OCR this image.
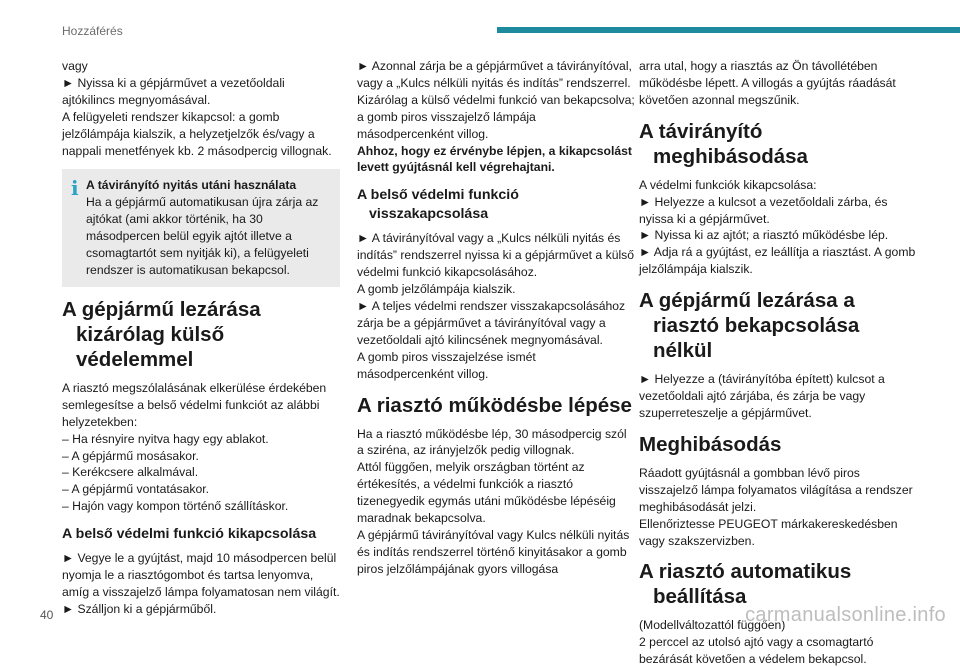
Hozzáférés

vagy

► Nyissa ki a gépjárművet a vezetőoldali ajtókilincs megnyomásával.

A felügyeleti rendszer kikapcsol: a gomb jelzőlámpája kialszik, a helyzetjelzők és/vagy a nappali menetfények kb. 2 másodpercig villognak.

i A távirányító nyitás utáni használata

Ha a gépjármű automatikusan újra zárja az ajtókat (ami akkor történik, ha 30 másodpercen belül egyik ajtót illetve a csomagtartót sem nyitják ki), a felügyeleti rendszer is automatikusan bekapcsol.

A gépjármű lezárása kizárólag külső védelemmel

A riasztó megszólalásának elkerülése érdekében semlegesítse a belső védelmi funkciót az alábbi helyzetekben:

– Ha résnyire nyitva hagy egy ablakot.

– A gépjármű mosásakor.

– Kerékcsere alkalmával.

– A gépjármű vontatásakor.

– Hajón vagy kompon történő szállításkor.

A belső védelmi funkció kikapcsolása

► Vegye le a gyújtást, majd 10 másodpercen belül nyomja le a riasztógombot és tartsa lenyomva, amíg a visszajelző lámpa folyamatosan nem világít.

► Szálljon ki a gépjárműből.

► Azonnal zárja be a gépjárművet a távirányítóval, vagy a „Kulcs nélküli nyitás és indítás” rendszerrel.

Kizárólag a külső védelmi funkció van bekapcsolva; a gomb piros visszajelző lámpája másodpercenként villog.

Ahhoz, hogy ez érvénybe lépjen, a kikapcsolást levett gyújtásnál kell végrehajtani.

A belső védelmi funkció visszakapcsolása

► A távirányítóval vagy a „Kulcs nélküli nyitás és indítás” rendszerrel nyissa ki a gépjárművet a külső védelmi funkció kikapcsolásához.

A gomb jelzőlámpája kialszik.

► A teljes védelmi rendszer visszakapcsolásához zárja be a gépjárművet a távirányítóval vagy a vezetőoldali ajtó kilincsének megnyomásával.

A gomb piros visszajelzése ismét másodpercenként villog.

A riasztó működésbe lépése

Ha a riasztó működésbe lép, 30 másodpercig szól a sziréna, az irányjelzők pedig villognak.

Attól függően, melyik országban történt az értékesítés, a védelmi funkciók a riasztó tizenegyedik egymás utáni működésbe lépéséig maradnak bekapcsolva.

A gépjármű távirányítóval vagy Kulcs nélküli nyitás és indítás rendszerrel történő kinyitásakor a gomb piros jelzőlámpájának gyors villogása

arra utal, hogy a riasztás az Ön távollétében működésbe lépett. A villogás a gyújtás ráadását követően azonnal megszűnik.

A távirányító meghibásodása

A védelmi funkciók kikapcsolása:

► Helyezze a kulcsot a vezetőoldali zárba, és nyissa ki a gépjárművet.

► Nyissa ki az ajtót; a riasztó működésbe lép.

► Adja rá a gyújtást, ez leállítja a riasztást. A gomb jelzőlámpája kialszik.

A gépjármű lezárása a riasztó bekapcsolása nélkül

► Helyezze a (távirányítóba épített) kulcsot a vezetőoldali ajtó zárjába, és zárja be vagy szuperreteszelje a gépjárművet.

Meghibásodás

Ráadott gyújtásnál a gombban lévő piros visszajelző lámpa folyamatos világítása a rendszer meghibásodását jelzi.

Ellenőriztesse PEUGEOT márkakereskedésben vagy szakszervizben.

A riasztó automatikus beállítása

(Modellváltozattól függően)

2 perccel az utolsó ajtó vagy a csomagtartó bezárását követően a védelem bekapcsol.

40	carmanualsonline.info
